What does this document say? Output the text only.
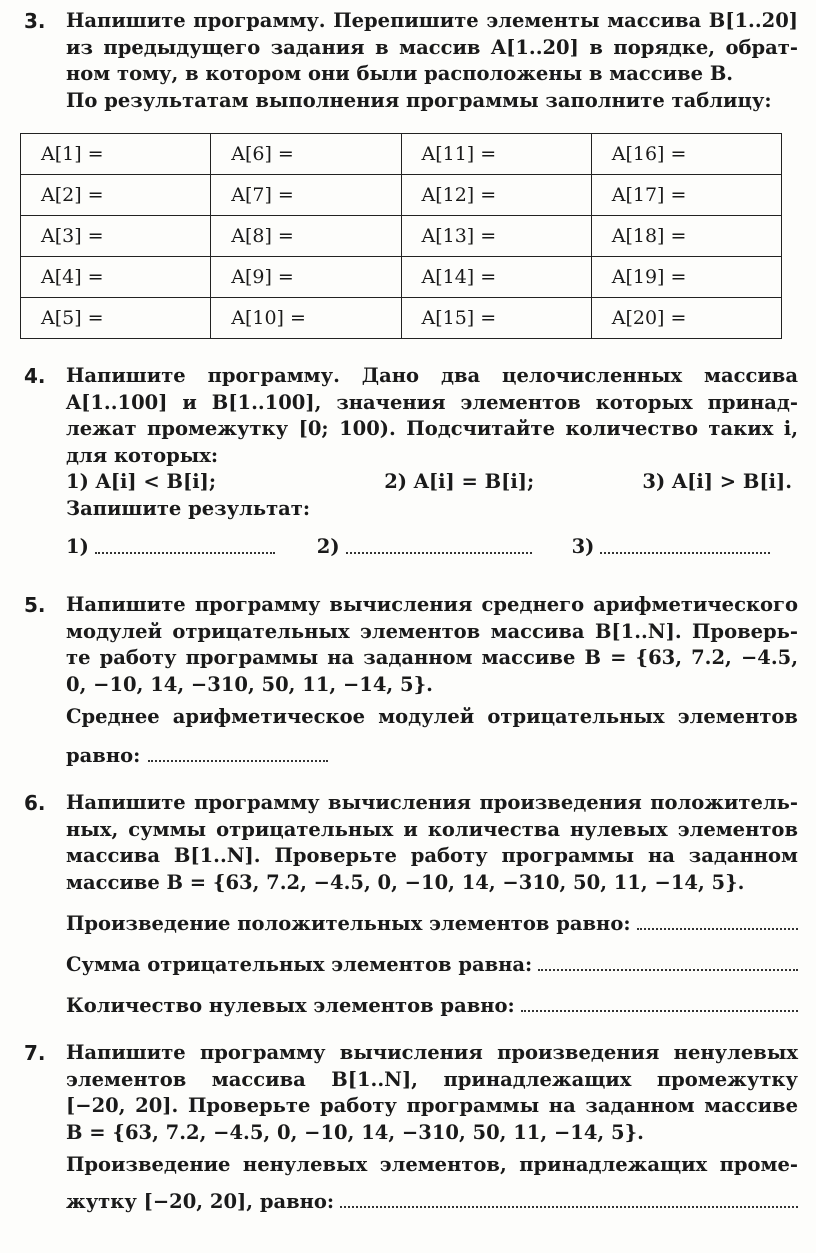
3. Напишите программу. Перепишите элементы массива B[1..20]
из предыдущего задания в массив A[1..20] в порядке, обрат-
ном тому, в котором они были расположены в массиве B.
По результатам выполнения программы заполните таблицу:
A[1] =	A[6] =	A[11] =	A[16] =
A[2] =	A[7] =	A[12] =	A[17] =
A[3] =	A[8] =	A[13] =	A[18] =
A[4] =	A[9] =	A[14] =	A[19] =
A[5] =	A[10] =	A[15] =	A[20] =
4. Напишите программу. Дано два целочисленных массива
A[1..100] и B[1..100], значения элементов которых принад-
лежат промежутку [0; 100). Подсчитайте количество таких i,
для которых:
1) A[i] < B[i];	2) A[i] = B[i];	3) A[i] > B[i].
Запишите результат:
1)	2)	3)
5. Напишите программу вычисления среднего арифметического
модулей отрицательных элементов массива B[1..N]. Проверь-
те работу программы на заданном массиве B = {63, 7.2, −4.5,
0, −10, 14, −310, 50, 11, −14, 5}.
Среднее арифметическое модулей отрицательных элементов
равно:
6. Напишите программу вычисления произведения положитель-
ных, суммы отрицательных и количества нулевых элементов
массива B[1..N]. Проверьте работу программы на заданном
массиве B = {63, 7.2, −4.5, 0, −10, 14, −310, 50, 11, −14, 5}.
Произведение положительных элементов равно:
Сумма отрицательных элементов равна:
Количество нулевых элементов равно:
7. Напишите программу вычисления произведения ненулевых
элементов массива B[1..N], принадлежащих промежутку
[−20, 20]. Проверьте работу программы на заданном массиве
B = {63, 7.2, −4.5, 0, −10, 14, −310, 50, 11, −14, 5}.
Произведение ненулевых элементов, принадлежащих проме-
жутку [−20, 20], равно:
